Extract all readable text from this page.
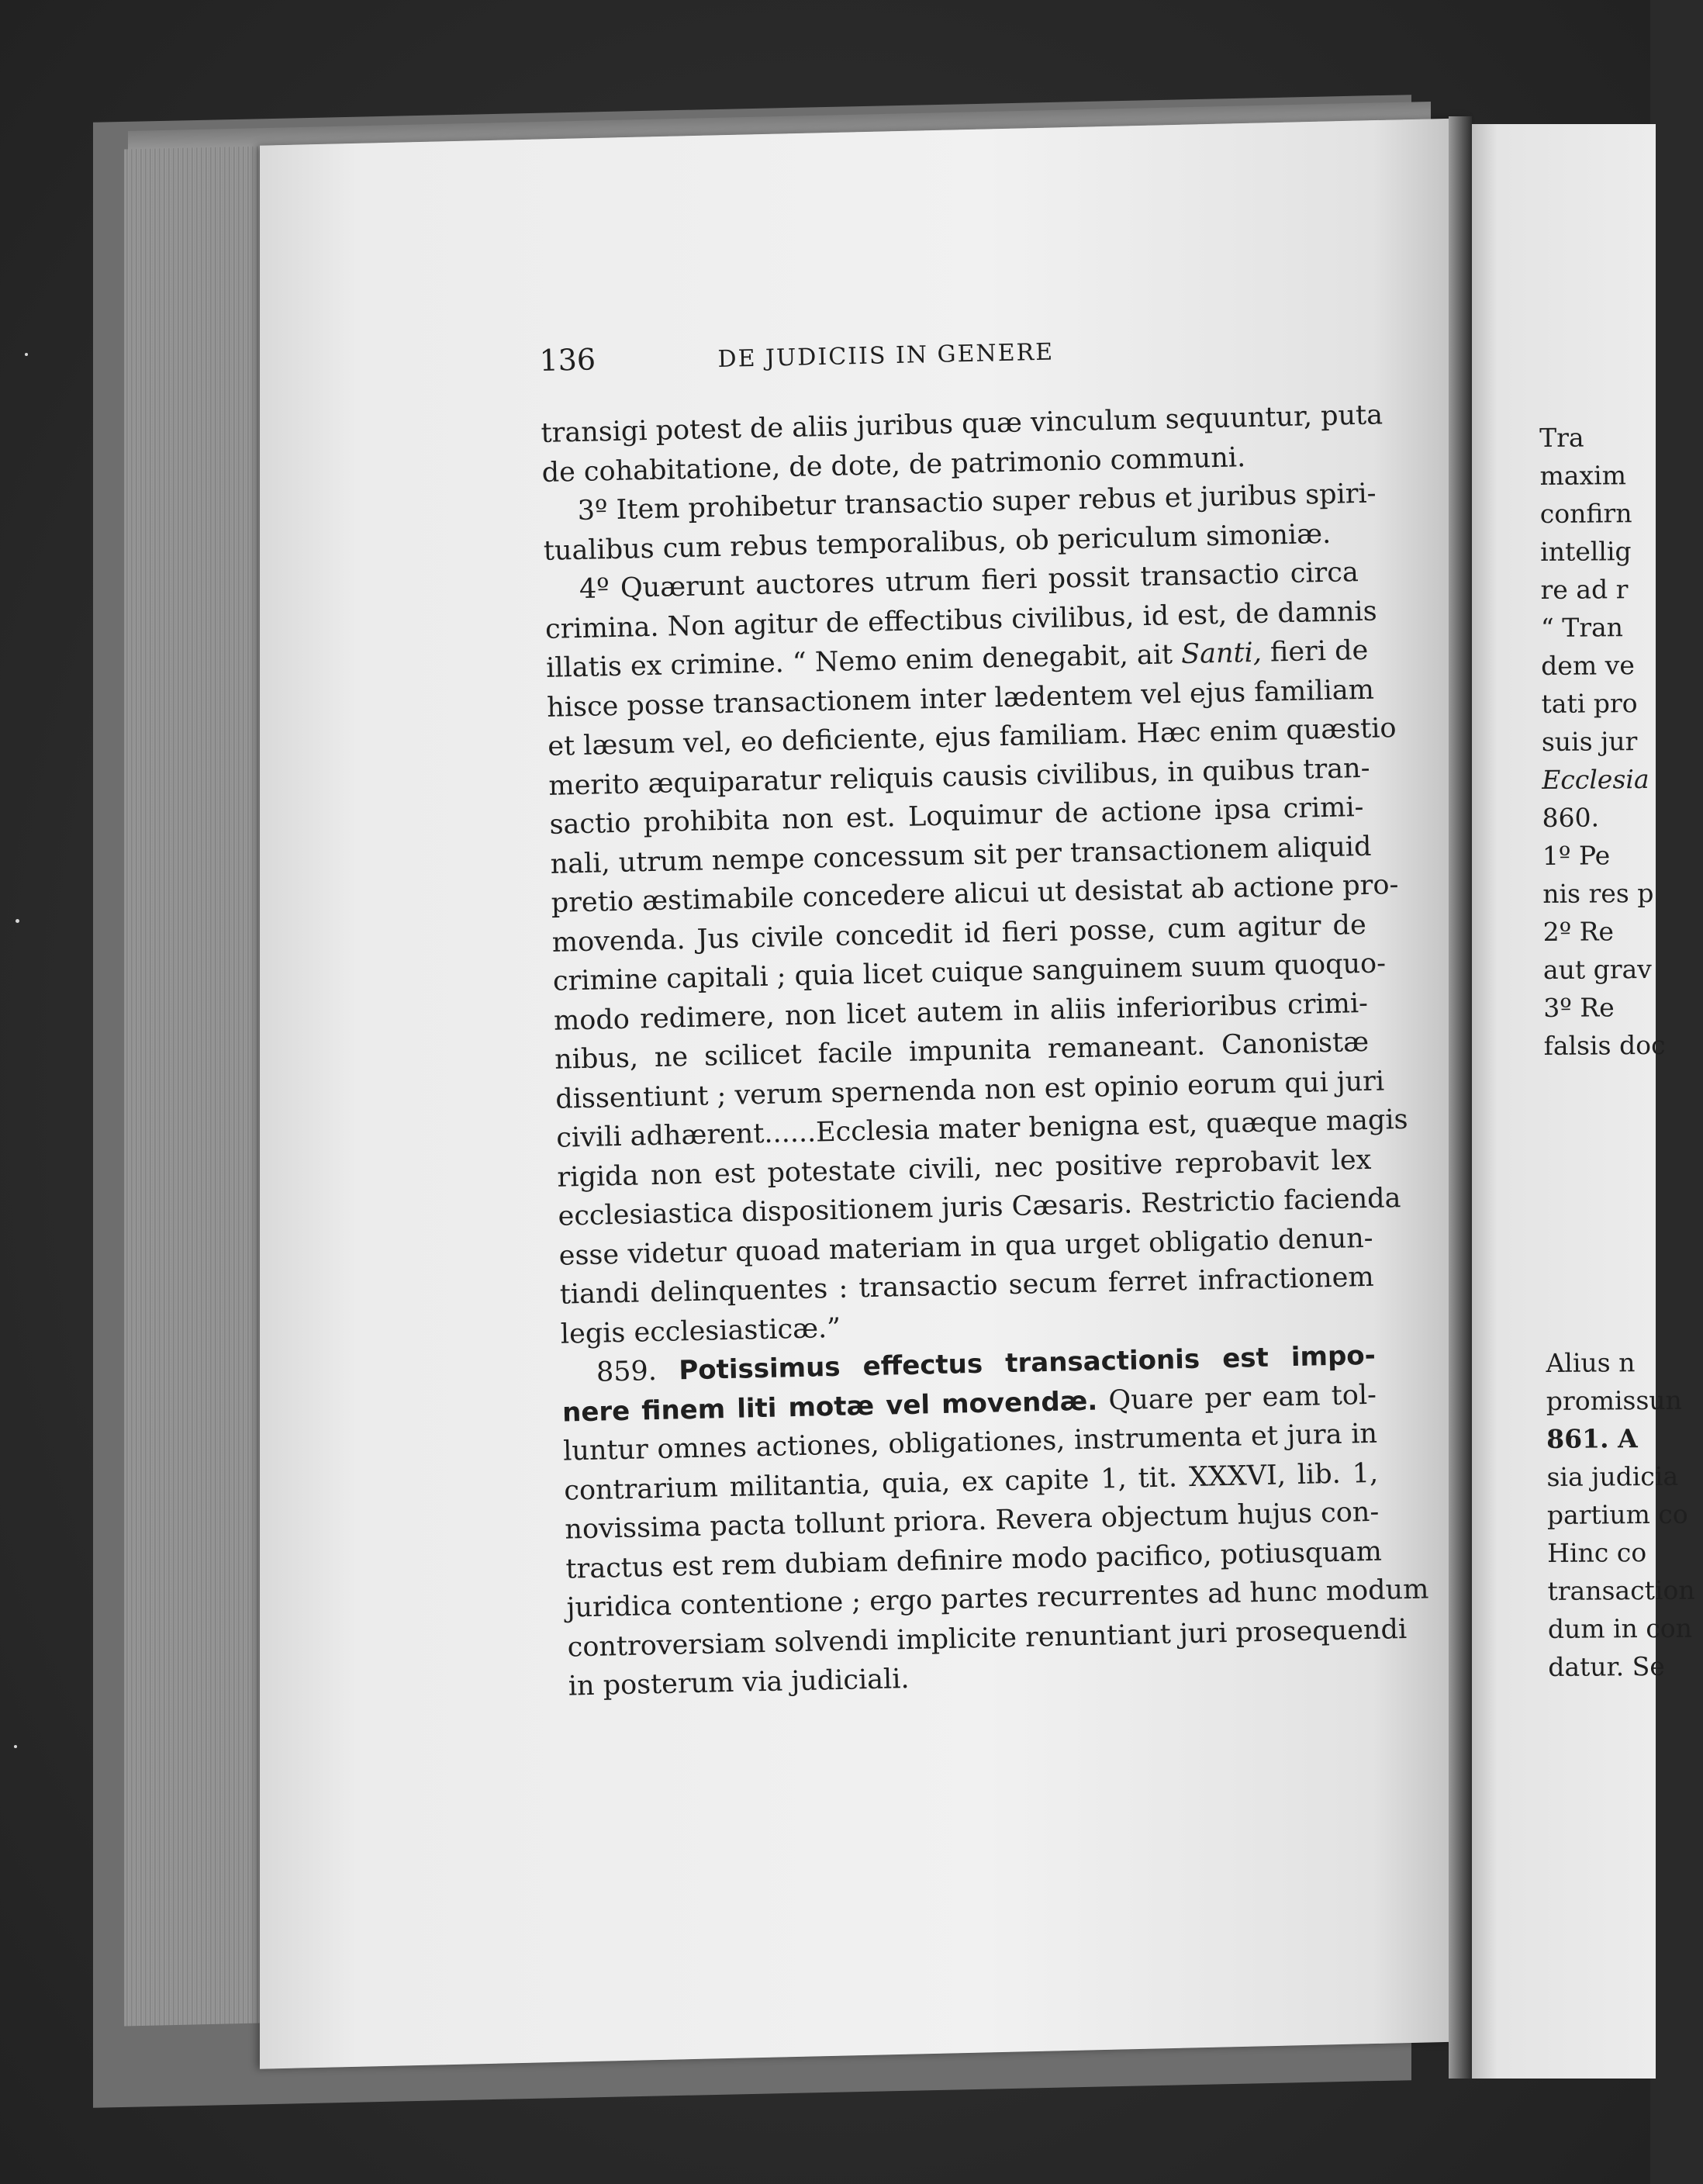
136	DE JUDICIIS IN GENERE
transigi potest de aliis juribus quæ vinculum sequuntur, puta
de cohabitatione, de dote, de patrimonio communi.
3º Item prohibetur transactio super rebus et juribus spiri-
tualibus cum rebus temporalibus, ob periculum simoniæ.
4º Quærunt auctores utrum fieri possit transactio circa
crimina. Non agitur de effectibus civilibus, id est, de damnis
illatis ex crimine. “ Nemo enim denegabit, ait Santi, fieri de
hisce posse transactionem inter lædentem vel ejus familiam
et læsum vel, eo deficiente, ejus familiam. Hæc enim quæstio
merito æquiparatur reliquis causis civilibus, in quibus tran-
sactio prohibita non est. Loquimur de actione ipsa crimi-
nali, utrum nempe concessum sit per transactionem aliquid
pretio æstimabile concedere alicui ut desistat ab actione pro-
movenda. Jus civile concedit id fieri posse, cum agitur de
crimine capitali ; quia licet cuique sanguinem suum quoquo-
modo redimere, non licet autem in aliis inferioribus crimi-
nibus, ne scilicet facile impunita remaneant. Canonistæ
dissentiunt ; verum spernenda non est opinio eorum qui juri
civili adhærent......Ecclesia mater benigna est, quæque magis
rigida non est potestate civili, nec positive reprobavit lex
ecclesiastica dispositionem juris Cæsaris. Restrictio facienda
esse videtur quoad materiam in qua urget obligatio denun-
tiandi delinquentes : transactio secum ferret infractionem
legis ecclesiasticæ.”
859. Potissimus effectus transactionis est impo-
nere finem liti motæ vel movendæ. Quare per eam tol-
luntur omnes actiones, obligationes, instrumenta et jura in
contrarium militantia, quia, ex capite 1, tit. XXXVI, lib. 1,
novissima pacta tollunt priora. Revera objectum hujus con-
tractus est rem dubiam definire modo pacifico, potiusquam
juridica contentione ; ergo partes recurrentes ad hunc modum
controversiam solvendi implicite renuntiant juri prosequendi
in posterum via judiciali.
Tra
maxim
confirn
intellig
re ad r
“ Tran
dem ve
tati pro
suis jur
Ecclesia
860.
1º Pe
nis res p
2º Re
aut grav
3º Re
falsis doc
Alius n
promissun
861. A
sia judicia
partium co
Hinc co
transaction
dum in con
datur. Se
